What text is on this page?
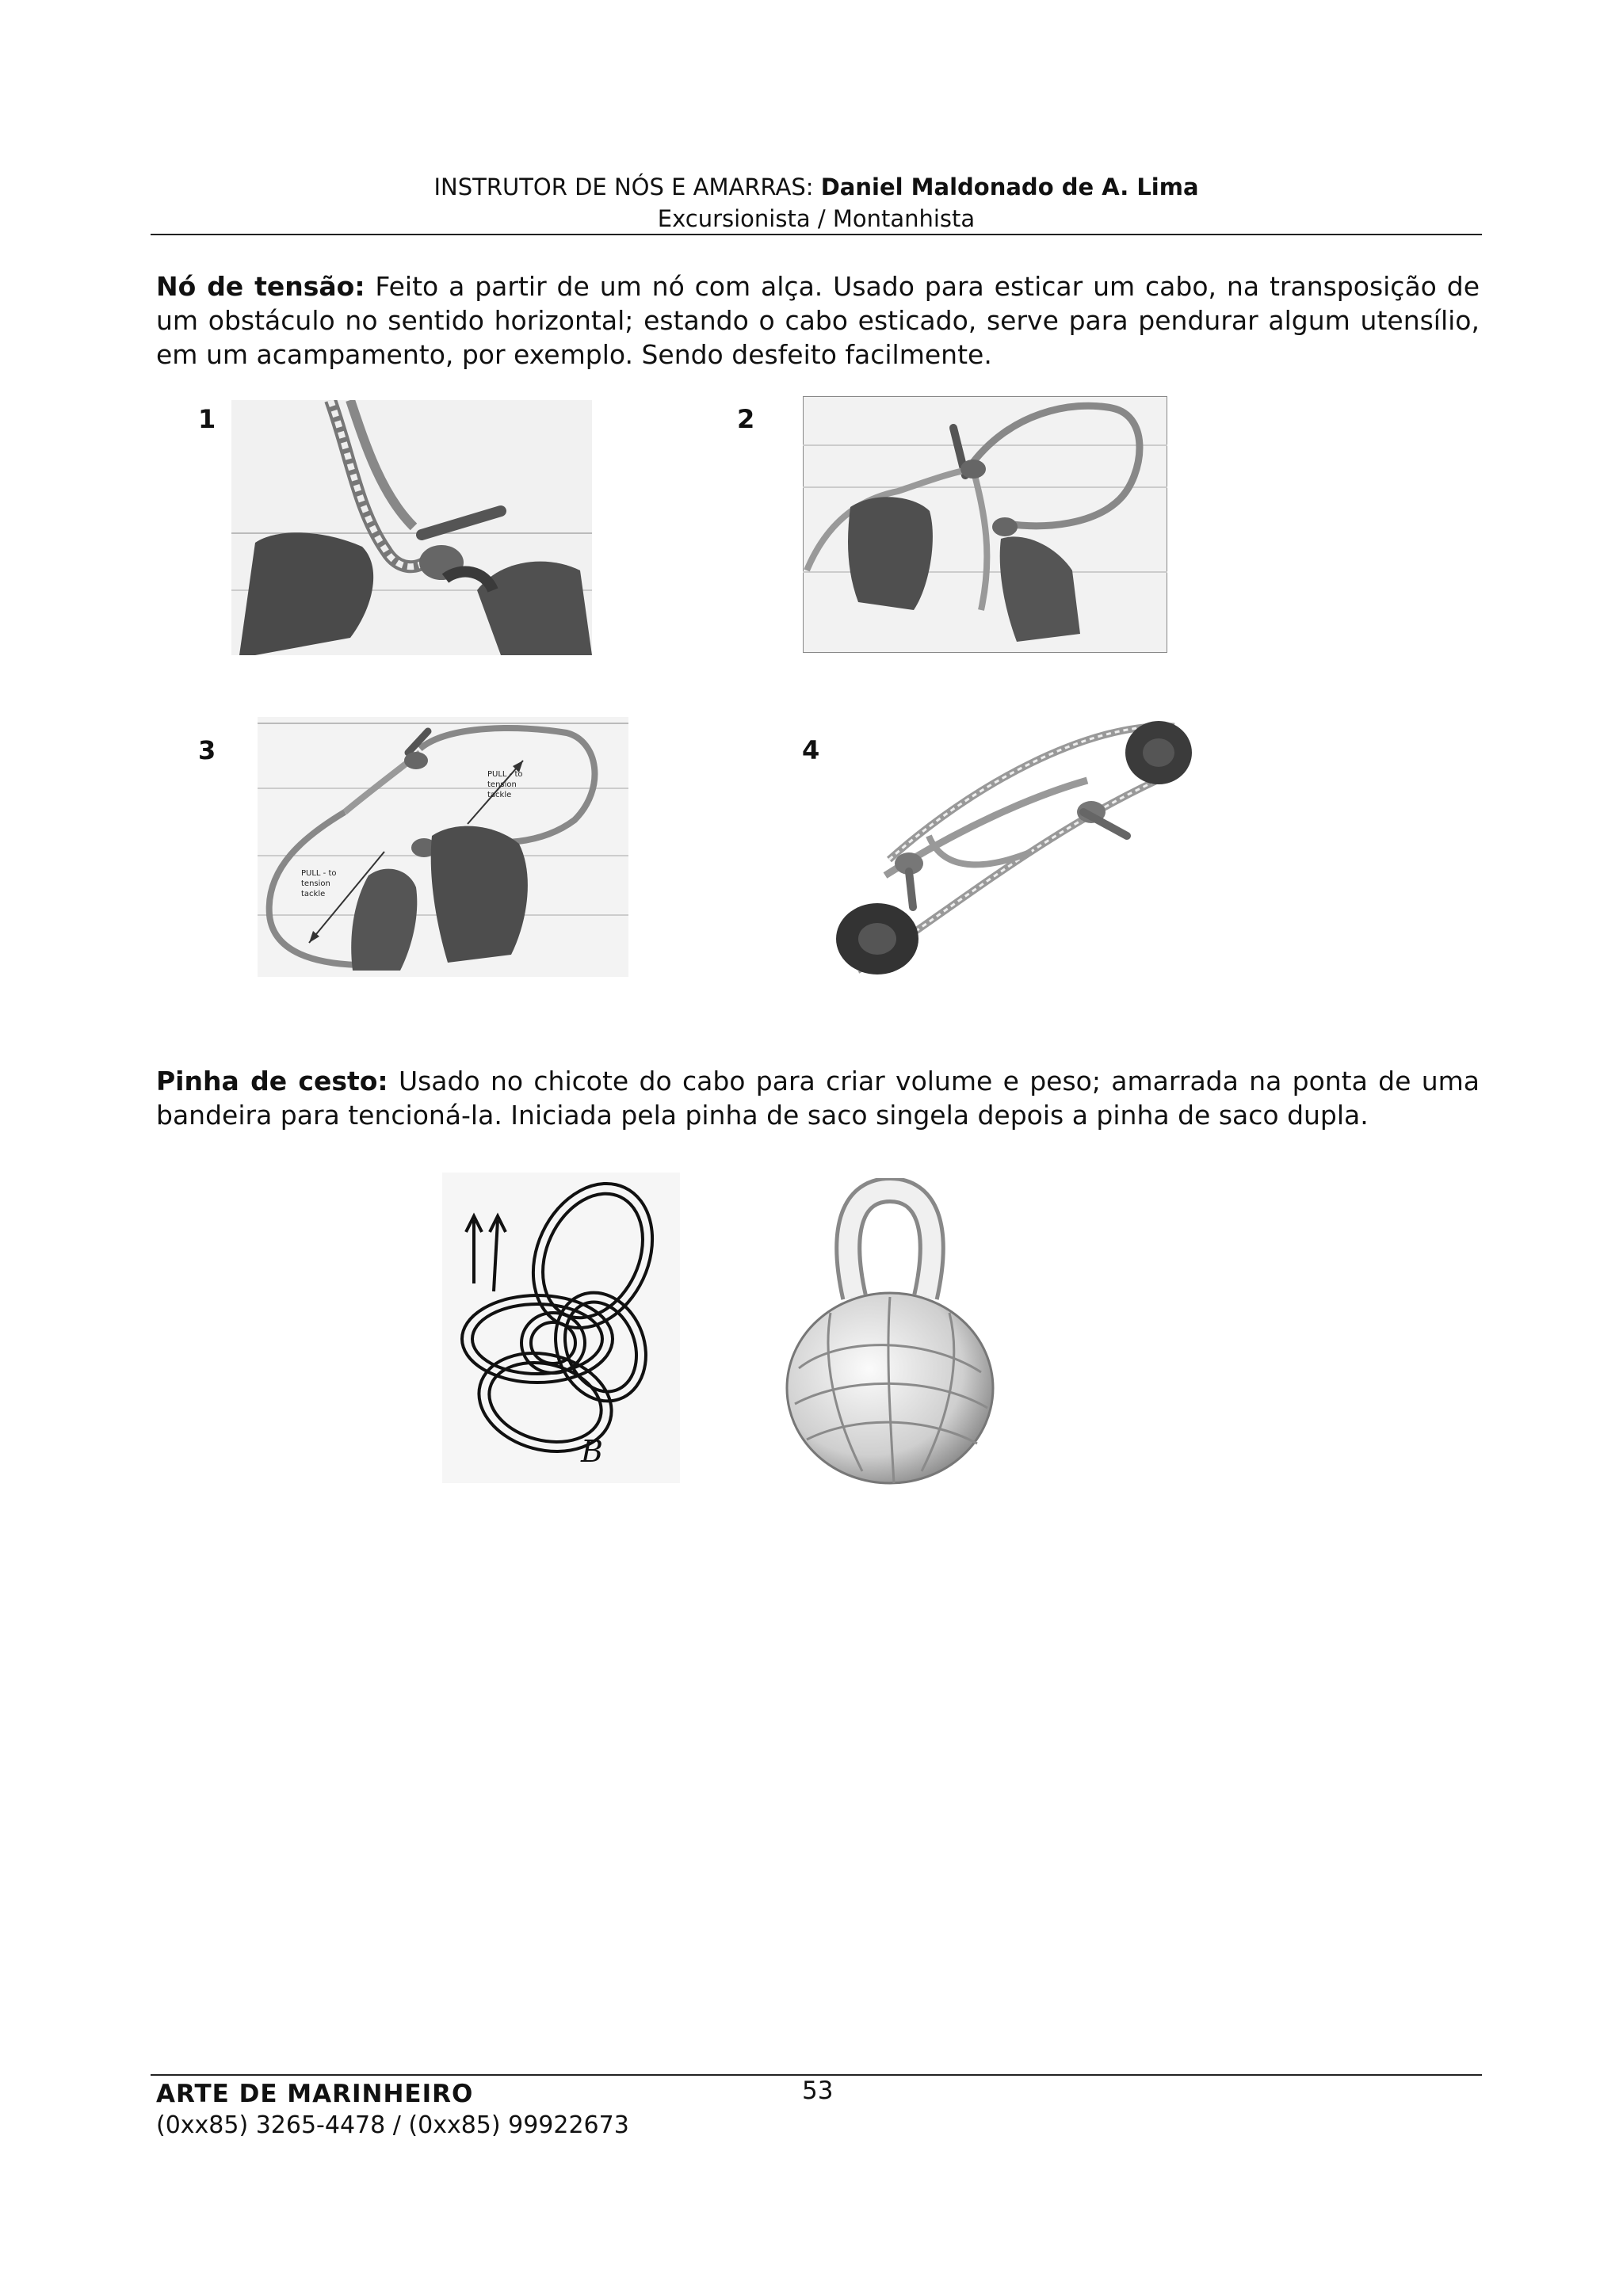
INSTRUTOR DE NÓS E AMARRAS: Daniel Maldonado de A. Lima
Excursionista / Montanhista
Nó de tensão: Feito a partir de um nó com alça. Usado para esticar um cabo, na transposição de um obstáculo no sentido horizontal; estando o cabo esticado, serve para pendurar algum utensílio, em um acampamento, por exemplo. Sendo desfeito facilmente.
1	2
3	4
PULL - to
tension
tackle
PULL - to
tension
tackle
Pinha de cesto: Usado no chicote do cabo para criar volume e peso; amarrada na ponta de uma bandeira para tencioná-la. Iniciada pela pinha de saco singela depois a pinha de saco dupla.
B
ARTE DE MARINHEIRO	53
(0xx85) 3265-4478 / (0xx85) 99922673
